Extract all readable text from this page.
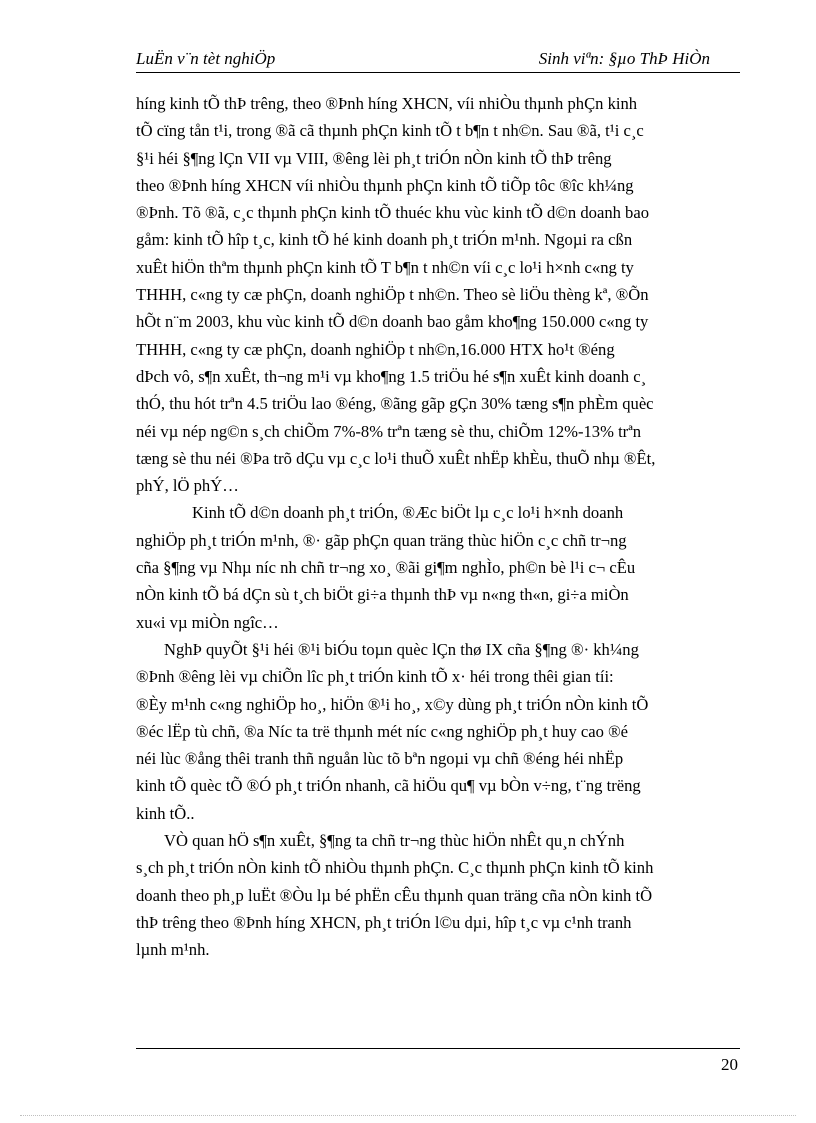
LuËn v¨n tèt nghiÖp	Sinh viªn: §µo ThÞ HiÒn

híng kinh tÕ thÞ trêng, theo ®Þnh híng XHCN, víi nhiÒu thµnh phÇn kinh
tÕ cïng tån t¹i, trong ®ã cã thµnh phÇn kinh tÕ t b¶n t nh©n. Sau ®ã, t¹i c¸c
§¹i héi §¶ng lÇn VII vµ VIII, ®êng lèi ph¸t triÓn nÒn kinh tÕ thÞ trêng
theo ®Þnh híng XHCN víi nhiÒu thµnh phÇn kinh tÕ tiÕp tôc ®îc kh¼ng
®Þnh. Tõ ®ã, c¸c thµnh phÇn kinh tÕ thuéc khu vùc kinh tÕ d©n doanh bao
gåm: kinh tÕ hîp t¸c, kinh tÕ hé kinh doanh ph¸t triÓn m¹nh. Ngoµi ra cßn
xuÊt hiÖn thªm thµnh phÇn kinh tÕ T b¶n t nh©n víi c¸c lo¹i h×nh c«ng ty
THHH, c«ng ty cæ phÇn, doanh nghiÖp t nh©n. Theo sè liÖu thèng kª, ®Õn
hÕt n¨m 2003, khu vùc kinh tÕ d©n doanh bao gåm kho¶ng 150.000 c«ng ty
THHH, c«ng ty cæ phÇn, doanh nghiÖp t nh©n,16.000 HTX ho¹t ®éng
dÞch vô, s¶n xuÊt, th¬ng m¹i vµ kho¶ng 1.5 triÖu hé s¶n xuÊt kinh doanh c¸
thÓ, thu hót trªn 4.5 triÖu lao ®éng, ®ãng gãp gÇn 30% tæng s¶n phÈm quèc
néi vµ nép ng©n s¸ch chiÕm 7%-8% trªn tæng sè thu, chiÕm 12%-13% trªn
tæng sè thu néi ®Þa trõ dÇu vµ c¸c lo¹i thuÕ xuÊt nhËp khÈu, thuÕ nhµ ®Êt,
phÝ, lÖ phÝ…

Kinh tÕ d©n doanh ph¸t triÓn, ®Æc biÖt lµ c¸c lo¹i h×nh doanh
nghiÖp ph¸t triÓn m¹nh, ®· gãp phÇn quan träng thùc hiÖn c¸c chñ tr¬ng
cña §¶ng vµ Nhµ níc nh chñ tr¬ng xo¸ ®ãi gi¶m nghÌo, ph©n bè l¹i c¬ cÊu
nÒn kinh tÕ bá dÇn sù t¸ch biÖt gi÷a thµnh thÞ vµ n«ng th«n, gi÷a miÒn
xu«i vµ miÒn ngîc…

NghÞ quyÕt §¹i héi ®¹i biÓu toµn quèc lÇn thø IX cña §¶ng ®· kh¼ng
®Þnh ®êng lèi vµ chiÕn lîc ph¸t triÓn kinh tÕ x· héi trong thêi gian tíi:
®Èy m¹nh c«ng nghiÖp ho¸, hiÖn ®¹i ho¸, x©y dùng ph¸t triÓn nÒn kinh tÕ
®éc lËp tù chñ, ®a Níc ta trë thµnh mét níc c«ng nghiÖp ph¸t huy cao ®é
néi lùc ®ång thêi tranh thñ nguån lùc tõ bªn ngoµi vµ chñ ®éng héi nhËp
kinh tÕ quèc tÕ ®Ó ph¸t triÓn nhanh, cã hiÖu qu¶ vµ bÒn v÷ng, t¨ng trëng
kinh tÕ..

VÒ quan hÖ s¶n xuÊt, §¶ng ta chñ tr¬ng thùc hiÖn nhÊt qu¸n chÝnh
s¸ch ph¸t triÓn nÒn kinh tÕ nhiÒu thµnh phÇn. C¸c thµnh phÇn kinh tÕ kinh
doanh theo ph¸p luËt ®Òu lµ bé phËn cÊu thµnh quan träng cña nÒn kinh tÕ
thÞ trêng theo ®Þnh híng XHCN, ph¸t triÓn l©u dµi, hîp t¸c vµ c¹nh tranh
lµnh m¹nh.

20
